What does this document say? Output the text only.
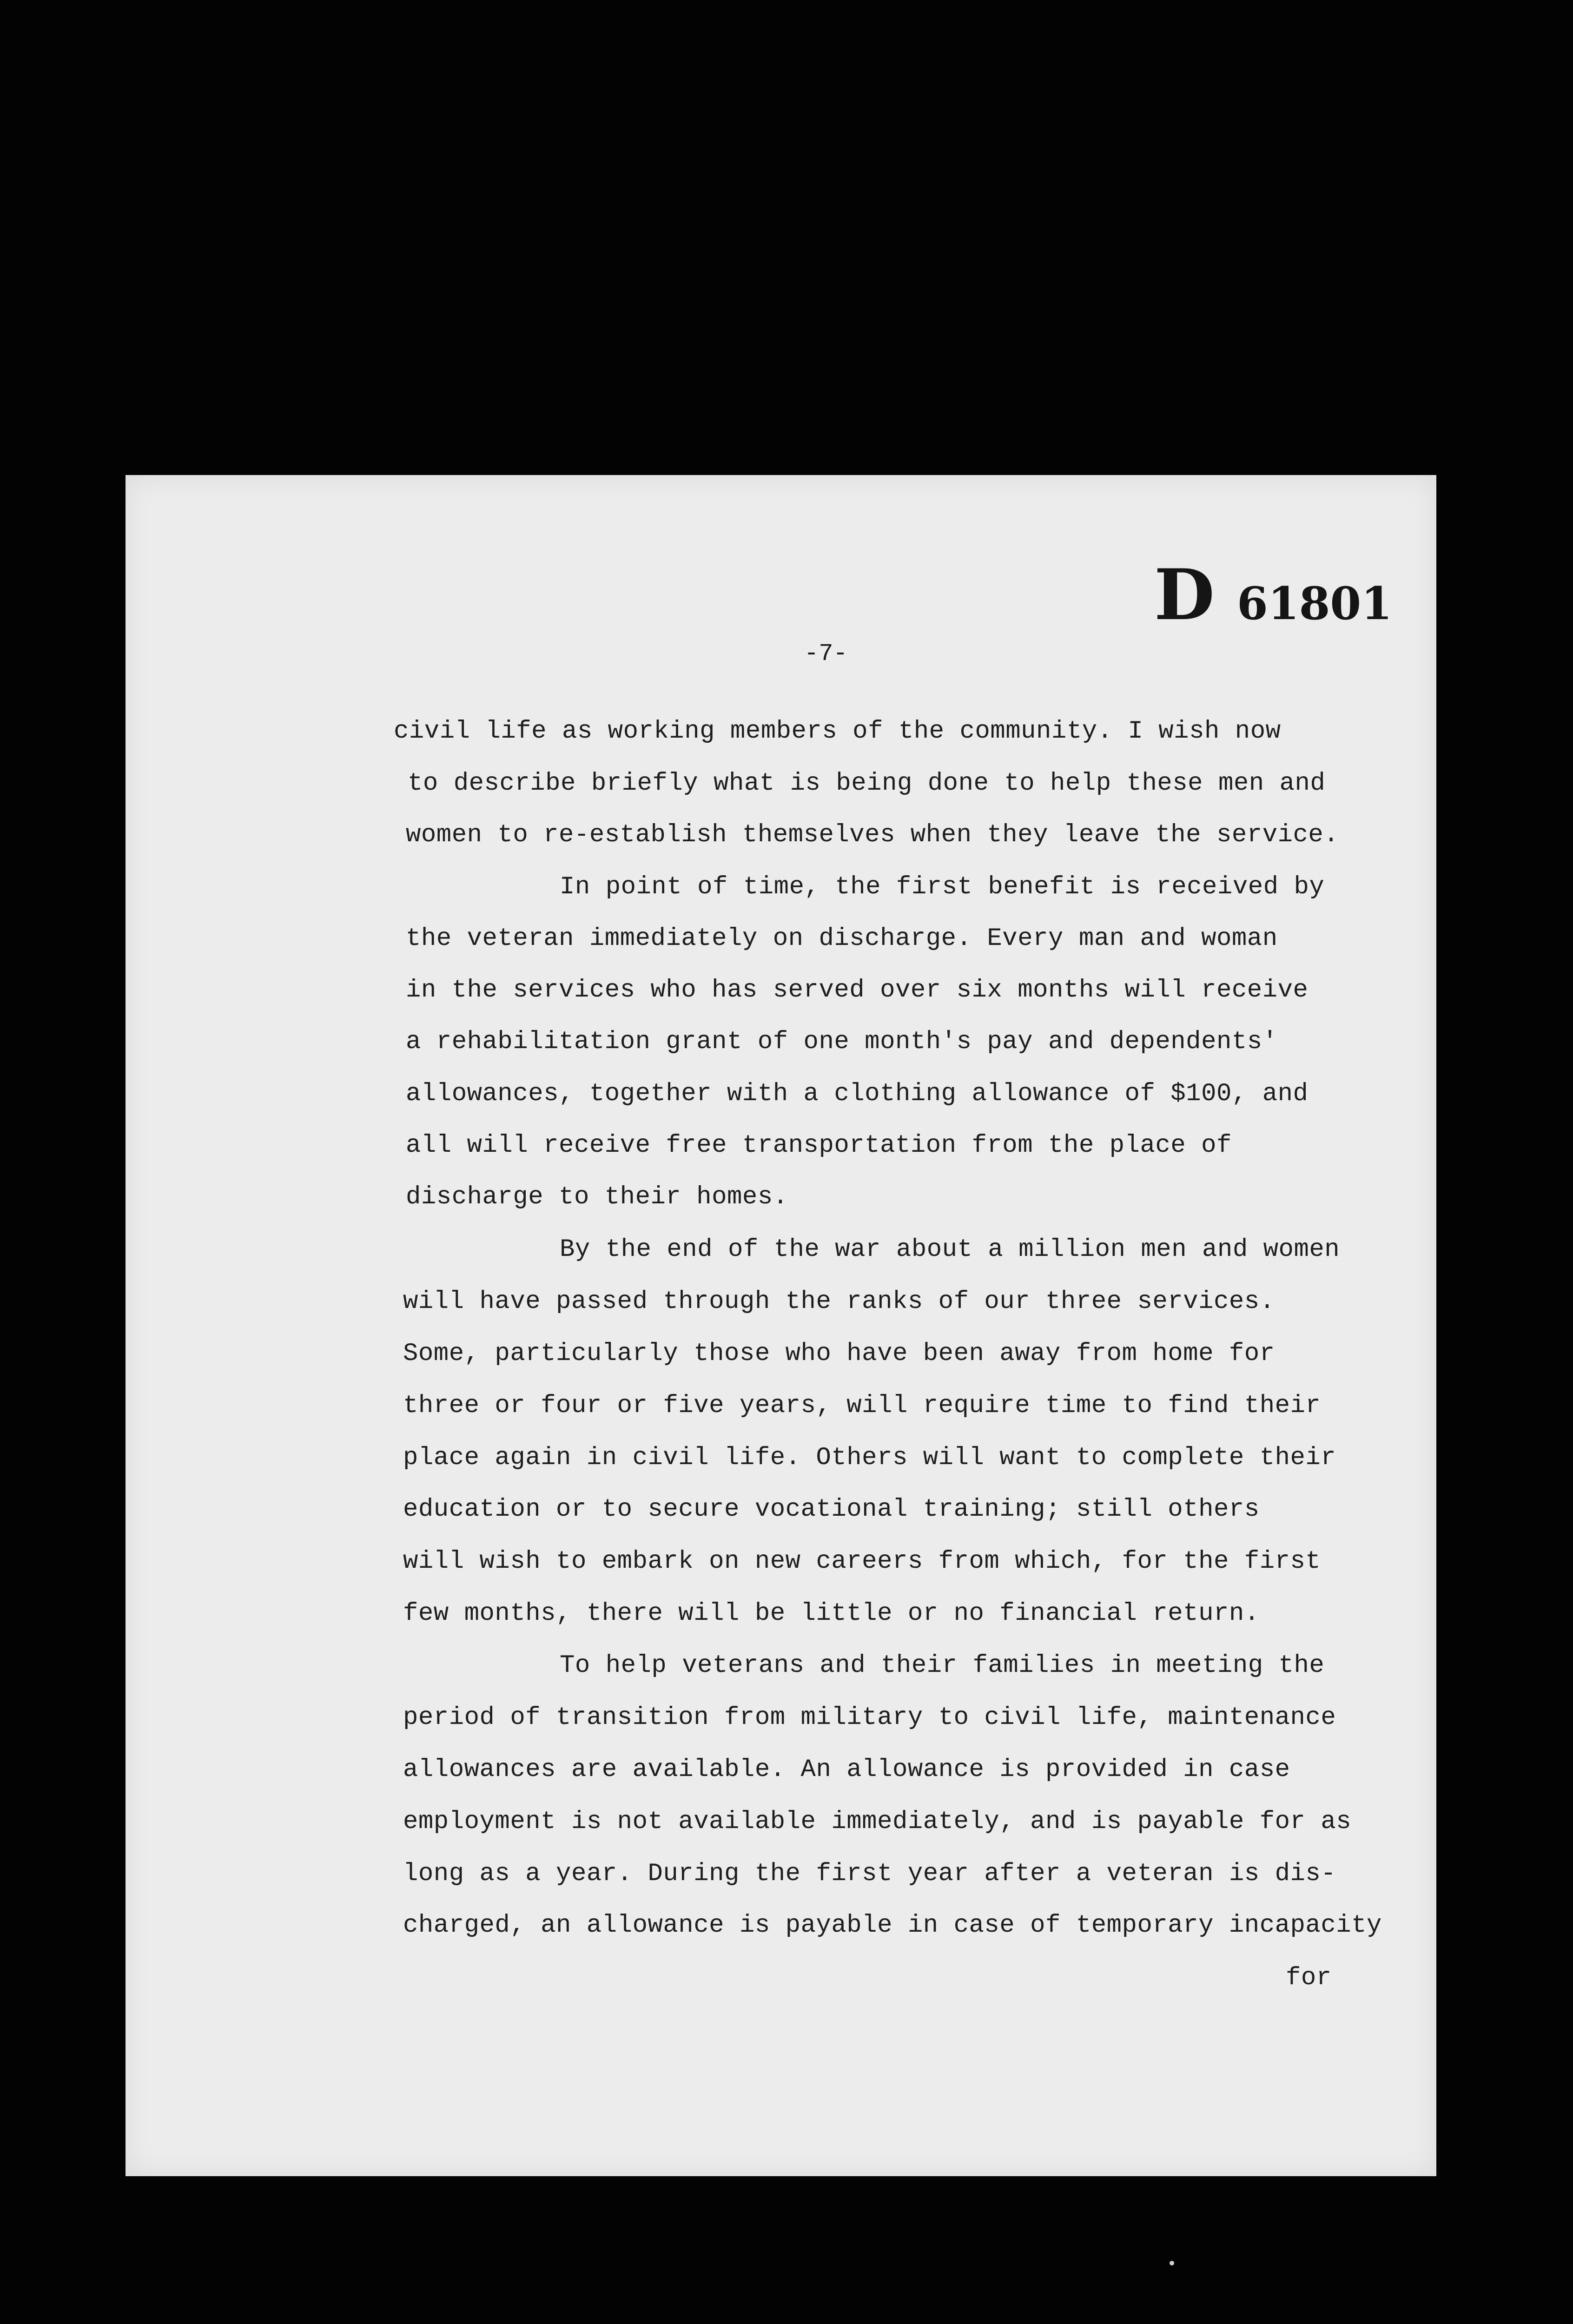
D 61801
-7-
civil life as working members of the community. I wish now
to describe briefly what is being done to help these men and
women to re-establish themselves when they leave the service.
In point of time, the first benefit is received by
the veteran immediately on discharge. Every man and woman
in the services who has served over six months will receive
a rehabilitation grant of one month's pay and dependents'
allowances, together with a clothing allowance of $100, and
all will receive free transportation from the place of
discharge to their homes.
By the end of the war about a million men and women
will have passed through the ranks of our three services.
Some, particularly those who have been away from home for
three or four or five years, will require time to find their
place again in civil life. Others will want to complete their
education or to secure vocational training; still others
will wish to embark on new careers from which, for the first
few months, there will be little or no financial return.
To help veterans and their families in meeting the
period of transition from military to civil life, maintenance
allowances are available. An allowance is provided in case
employment is not available immediately, and is payable for as
long as a year. During the first year after a veteran is dis-
charged, an allowance is payable in case of temporary incapacity
for
